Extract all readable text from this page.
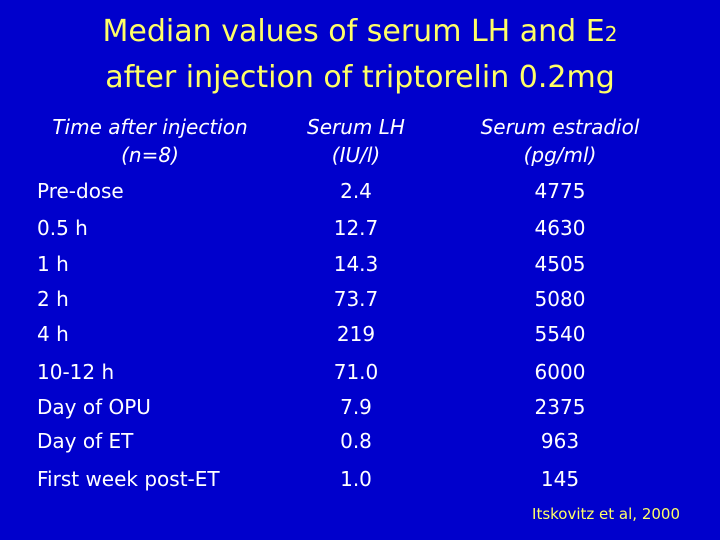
Median values of serum LH and E2
after injection of triptorelin 0.2mg
Time after injection
(n=8)
Serum LH
(IU/l)
Serum estradiol
(pg/ml)
Pre-dose	2.4	4775
0.5 h	12.7	4630
1 h	14.3	4505
2 h	73.7	5080
4 h	219	5540
10-12 h	71.0	6000
Day of OPU	7.9	2375
Day of ET	0.8	963
First week post-ET	1.0	145
Itskovitz et al, 2000
